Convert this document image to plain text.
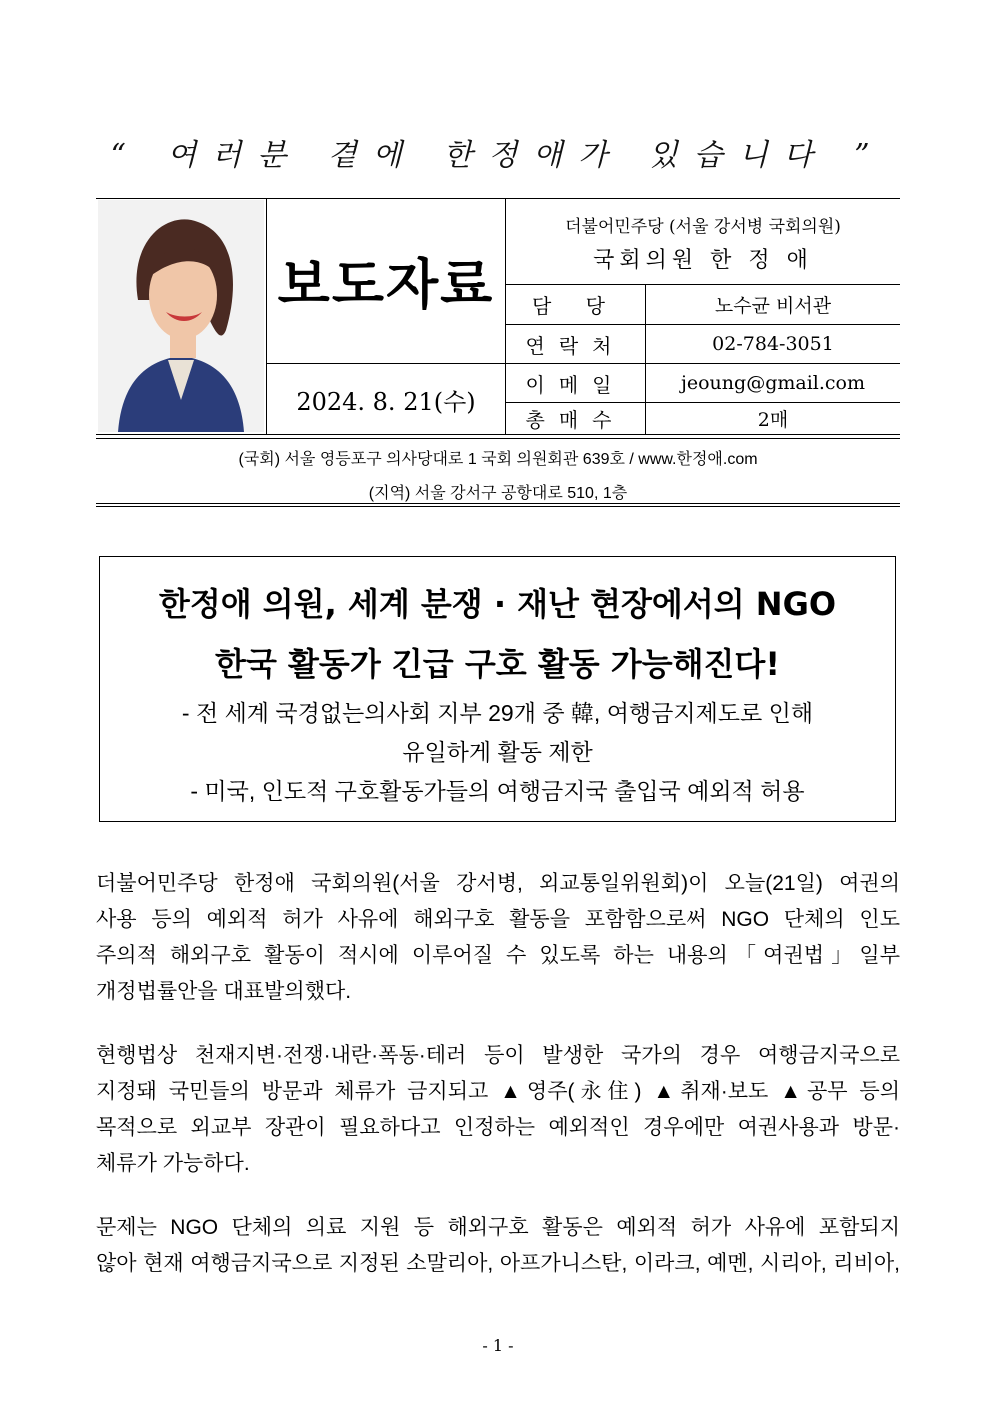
“ 여러분 곁에 한정애가 있습니다 ”
보도자료
2024. 8. 21(수)
더불어민주당 (서울 강서병 국회의원)
국회의원 한 정 애
담 당	노수균 비서관
연락처	02-784-3051
이메일	jeoung@gmail.com
총매수	2매
(국회) 서울 영등포구 의사당대로 1 국회 의원회관 639호 / www.한정애.com
(지역) 서울 강서구 공항대로 510, 1층
한정애 의원, 세계 분쟁 · 재난 현장에서의 NGO
한국 활동가 긴급 구호 활동 가능해진다!
- 전 세계 국경없는의사회 지부 29개 중 韓, 여행금지제도로 인해
유일하게 활동 제한
- 미국, 인도적 구호활동가들의 여행금지국 출입국 예외적 허용
더불어민주당 한정애 국회의원(서울 강서병, 외교통일위원회)이 오늘(21일) 여권의
사용 등의 예외적 허가 사유에 해외구호 활동을 포함함으로써 NGO 단체의 인도
주의적 해외구호 활동이 적시에 이루어질 수 있도록 하는 내용의「여권법」일부
개정법률안을 대표발의했다.
현행법상 천재지변·전쟁·내란·폭동·테러 등이 발생한 국가의 경우 여행금지국으로
지정돼 국민들의 방문과 체류가 금지되고 ▲영주(永住) ▲취재·보도 ▲공무 등의
목적으로 외교부 장관이 필요하다고 인정하는 예외적인 경우에만 여권사용과 방문·
체류가 가능하다.
문제는 NGO 단체의 의료 지원 등 해외구호 활동은 예외적 허가 사유에 포함되지
않아 현재 여행금지국으로 지정된 소말리아, 아프가니스탄, 이라크, 예멘, 시리아, 리비아,
- 1 -
